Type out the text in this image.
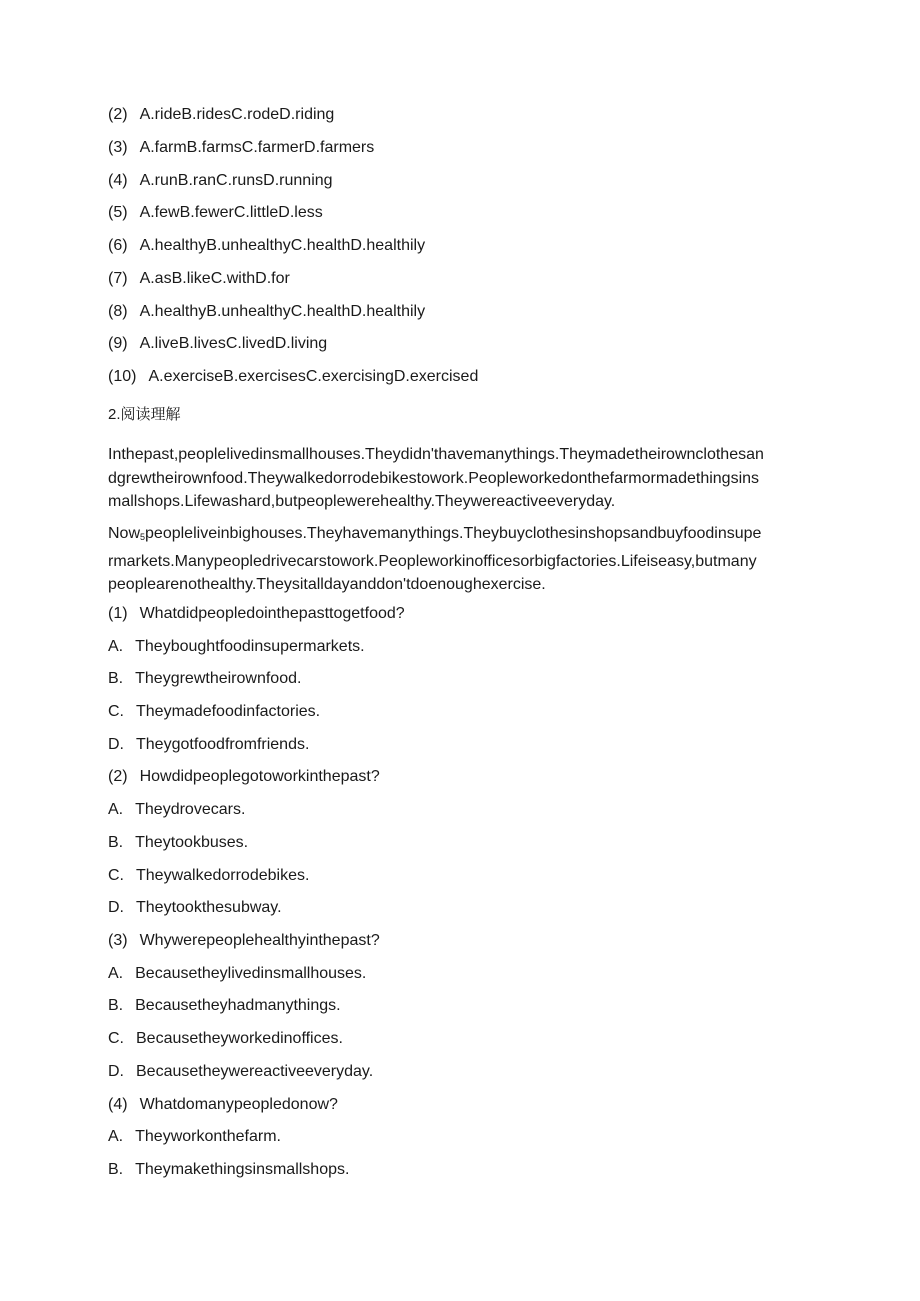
(2) A.rideB.ridesC.rodeD.riding
(3) A.farmB.farmsC.farmerD.farmers
(4) A.runB.ranC.runsD.running
(5) A.fewB.fewerC.littleD.less
(6) A.healthyB.unhealthyC.healthD.healthily
(7) A.asB.likeC.withD.for
(8) A.healthyB.unhealthyC.healthD.healthily
(9) A.liveB.livesC.livedD.living
(10) A.exerciseB.exercisesC.exercisingD.exercised
2.阅读理解
Inthepast,peoplelivedinsmallhouses.Theydidn'thavemanythings.Theymadetheirownclothesan
dgrewtheirownfood.Theywalkedorrodebikestowork.Peopleworkedonthefarmormadethingsins
mallshops.Lifewashard,butpeoplewerehealthy.Theywereactiveeveryday.
Now$_5$peopleliveinbighouses.Theyhavemanythings.Theybuyclothesinshopsandbuyfoodinsupe
rmarkets.Manypeopledrivecarstowork.Peopleworkinofficesorbigfactories.Lifeiseasy,butmany
peoplearenothealthy.Theysitalldayanddon'tdoenoughexercise.
(1) Whatdidpeopledointhepasttogetfood?
A. Theyboughtfoodinsupermarkets.
B. Theygrewtheirownfood.
C. Theymadefoodinfactories.
D. Theygotfoodfromfriends.
(2) Howdidpeoplegotoworkinthepast?
A. Theydrovecars.
B. Theytookbuses.
C. Theywalkedorrodebikes.
D. Theytookthesubway.
(3) Whywerepeoplehealthyinthepast?
A. Becausetheylivedinsmallhouses.
B. Becausetheyhadmanythings.
C. Becausetheyworkedinoffices.
D. Becausetheywereactiveeveryday.
(4) Whatdomanypeopledonow?
A. Theyworkonthefarm.
B. Theymakethingsinsmallshops.
